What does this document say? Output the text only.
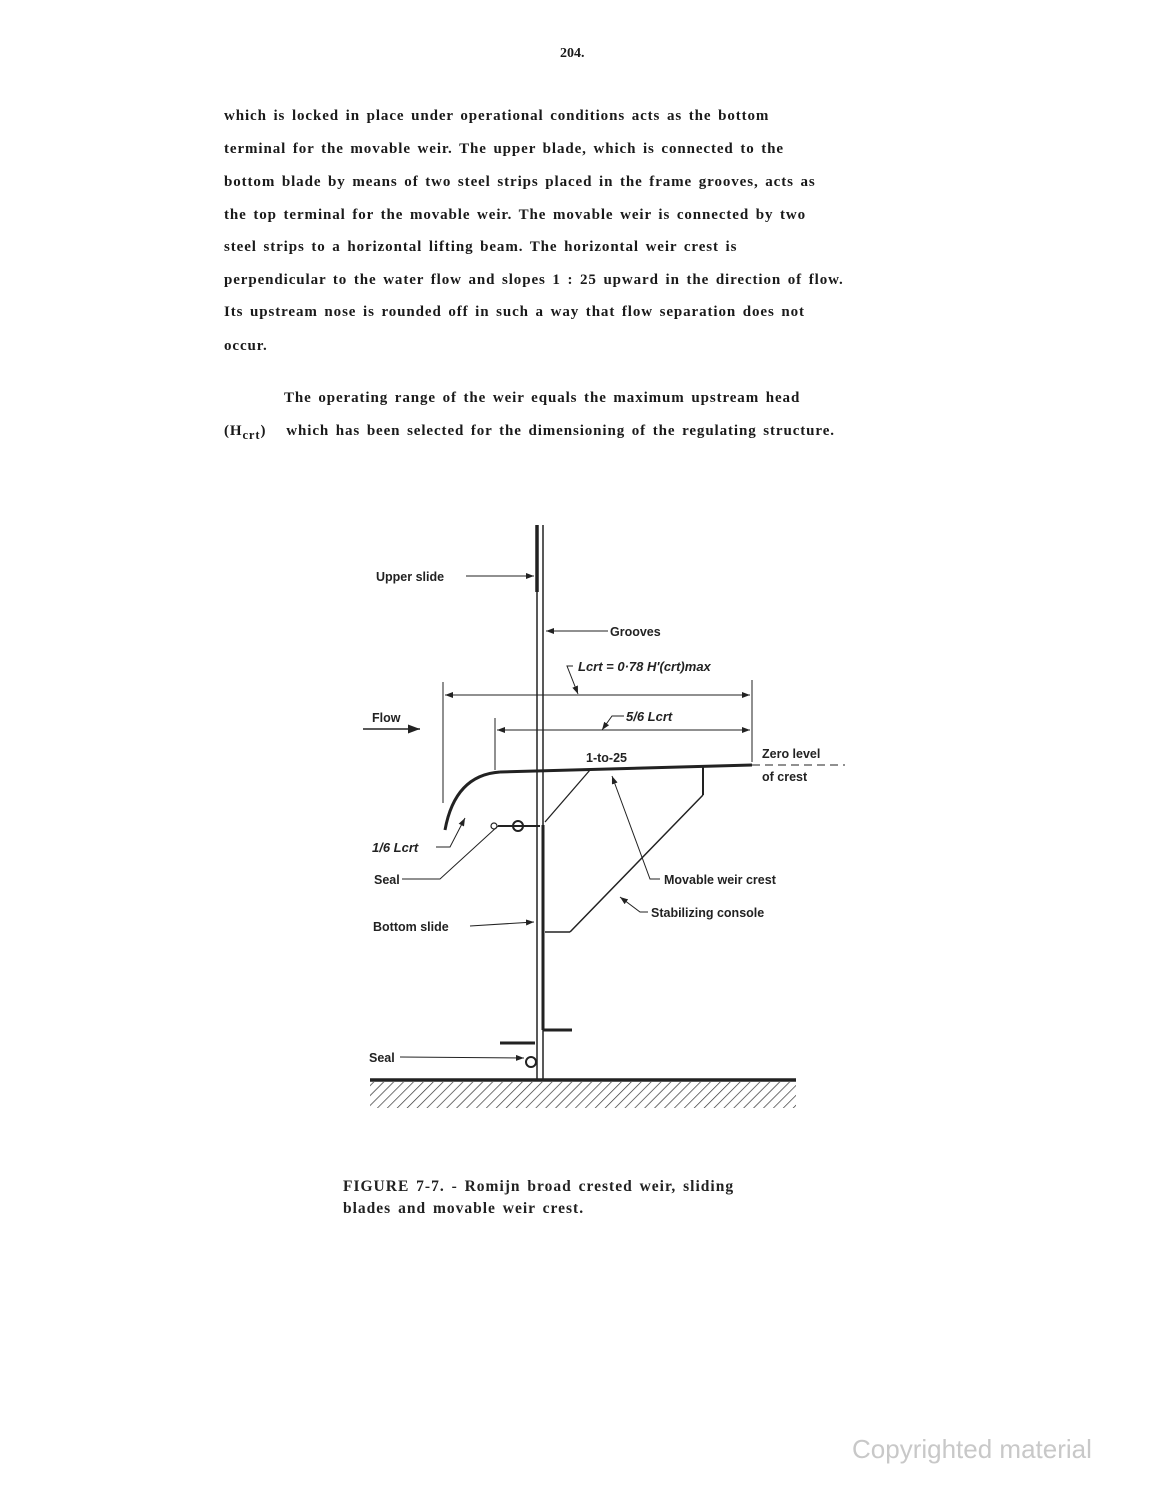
204.
which is locked in place under operational conditions acts as the bottom
terminal for the movable weir. The upper blade, which is connected to the
bottom blade by means of two steel strips placed in the frame grooves, acts as
the top terminal for the movable weir. The movable weir is connected by two
steel strips to a horizontal lifting beam. The horizontal weir crest is
perpendicular to the water flow and slopes 1 : 25 upward in the direction of flow.
Its upstream nose is rounded off in such a way that flow separation does not
occur.
The operating range of the weir equals the maximum upstream head
$(H_{crt})$ which has been selected for the dimensioning of the regulating structure.
Upper slide
Grooves
Lcrt = 0·78 H'(crt)max
5/6 Lcrt
Flow
1-to-25	Zero level
of crest
1/6 Lcrt
Seal	Movable weir crest
Stabilizing console
Bottom slide
Seal
FIGURE 7-7. - Romijn broad crested weir, sliding
blades and movable weir crest.
Copyrighted material
